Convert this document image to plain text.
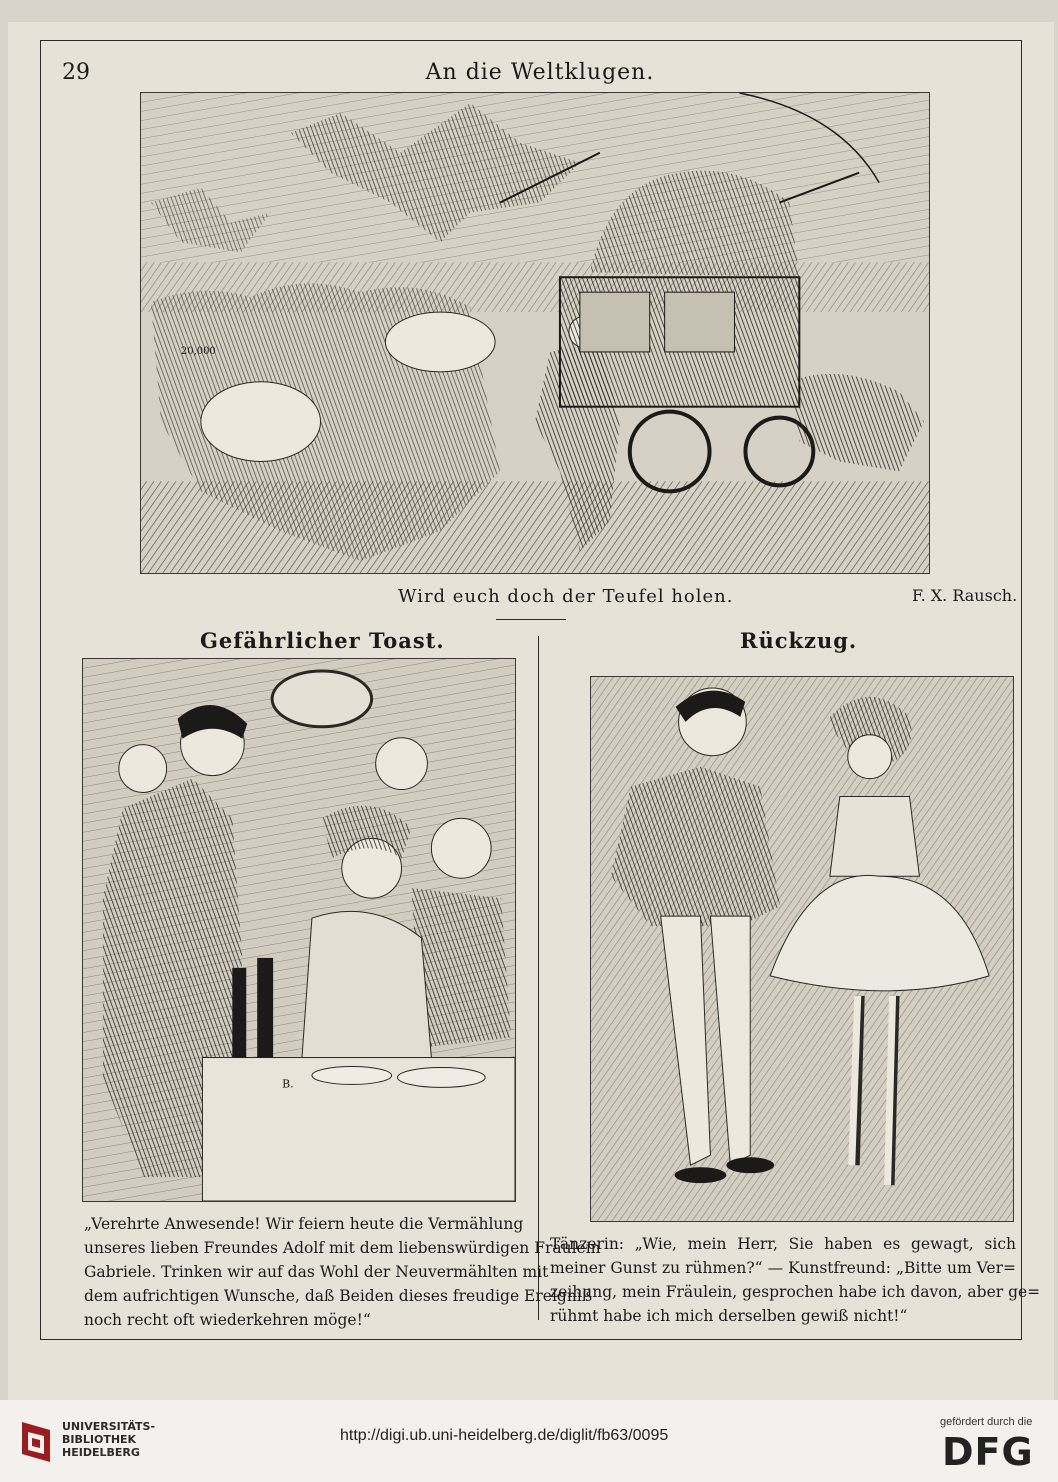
29	An die Weltklugen.
20,000
Wird euch doch der Teufel holen.	F. X. Rausch.
Gefährlicher Toast.	Rückzug.
B.
„Verehrte Anwesende! Wir feiern heute die Vermählung
unseres lieben Freundes Adolf mit dem liebenswürdigen Fräulein
Gabriele. Trinken wir auf das Wohl der Neuvermählten mit
dem aufrichtigen Wunsche, daß Beiden dieses freudige Ereigniß
noch recht oft wiederkehren möge!“
Tänzerin: „Wie, mein Herr, Sie haben es gewagt, sich
meiner Gunst zu rühmen?“ — Kunstfreund: „Bitte um Ver=
zeihung, mein Fräulein, gesprochen habe ich davon, aber ge=
rühmt habe ich mich derselben gewiß nicht!“
UNIVERSITÄTS-
BIBLIOTHEK
HEIDELBERG
http://digi.ub.uni-heidelberg.de/diglit/fb63/0095
gefördert durch die
DFG
